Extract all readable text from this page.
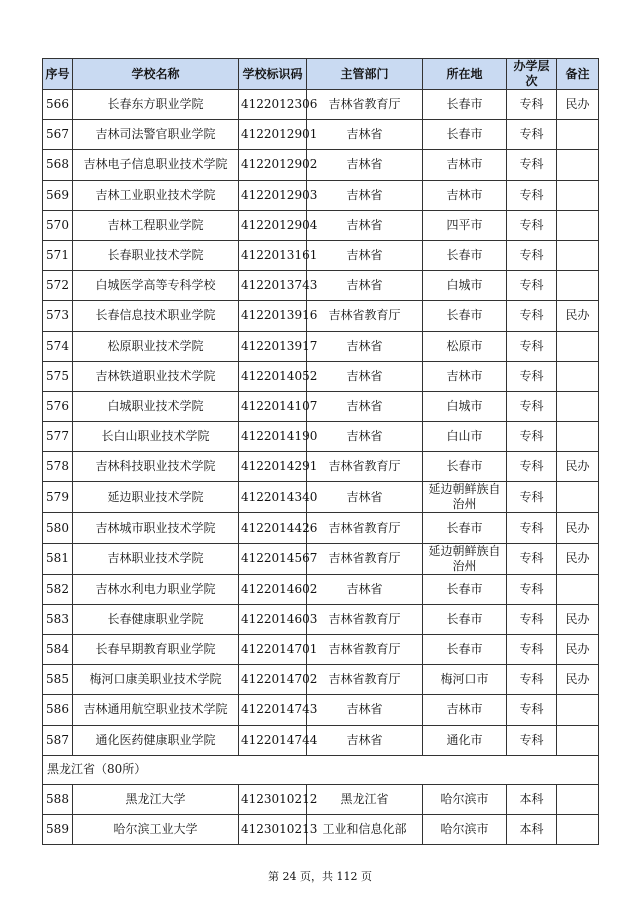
序号	学校名称	学校标识码	主管部门	所在地	办学层次	备注
566	长春东方职业学院	4122012306	吉林省教育厅	长春市	专科	民办
567	吉林司法警官职业学院	4122012901	吉林省	长春市	专科	
568	吉林电子信息职业技术学院	4122012902	吉林省	吉林市	专科	
569	吉林工业职业技术学院	4122012903	吉林省	吉林市	专科	
570	吉林工程职业学院	4122012904	吉林省	四平市	专科	
571	长春职业技术学院	4122013161	吉林省	长春市	专科	
572	白城医学高等专科学校	4122013743	吉林省	白城市	专科	
573	长春信息技术职业学院	4122013916	吉林省教育厅	长春市	专科	民办
574	松原职业技术学院	4122013917	吉林省	松原市	专科	
575	吉林铁道职业技术学院	4122014052	吉林省	吉林市	专科	
576	白城职业技术学院	4122014107	吉林省	白城市	专科	
577	长白山职业技术学院	4122014190	吉林省	白山市	专科	
578	吉林科技职业技术学院	4122014291	吉林省教育厅	长春市	专科	民办
579	延边职业技术学院	4122014340	吉林省	延边朝鲜族自治州	专科	
580	吉林城市职业技术学院	4122014426	吉林省教育厅	长春市	专科	民办
581	吉林职业技术学院	4122014567	吉林省教育厅	延边朝鲜族自治州	专科	民办
582	吉林水利电力职业学院	4122014602	吉林省	长春市	专科	
583	长春健康职业学院	4122014603	吉林省教育厅	长春市	专科	民办
584	长春早期教育职业学院	4122014701	吉林省教育厅	长春市	专科	民办
585	梅河口康美职业技术学院	4122014702	吉林省教育厅	梅河口市	专科	民办
586	吉林通用航空职业技术学院	4122014743	吉林省	吉林市	专科	
587	通化医药健康职业学院	4122014744	吉林省	通化市	专科	
黑龙江省（80所）						
588	黑龙江大学	4123010212	黑龙江省	哈尔滨市	本科	
589	哈尔滨工业大学	4123010213	工业和信息化部	哈尔滨市	本科	
第 24 页，共 112 页
